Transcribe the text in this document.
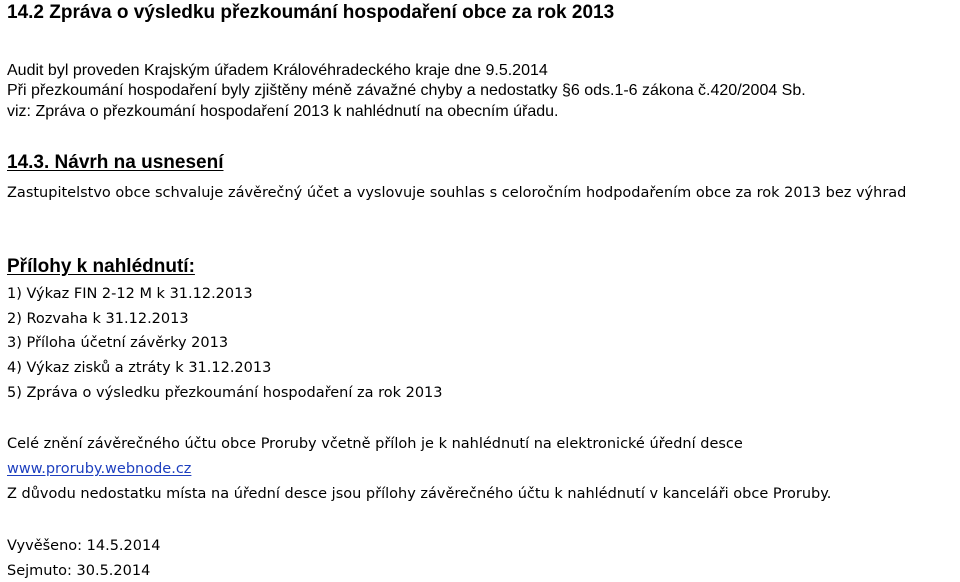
14.2 Zpráva o výsledku přezkoumání hospodaření obce za rok 2013
Audit byl proveden Krajským úřadem Královéhradeckého kraje dne 9.5.2014
Při přezkoumání hospodaření byly zjištěny méně závažné chyby a nedostatky §6 ods.1-6 zákona č.420/2004 Sb.
viz: Zpráva o přezkoumání hospodaření 2013 k nahlédnutí na obecním úřadu.
14.3. Návrh na usnesení
Zastupitelstvo obce schvaluje závěrečný účet a vyslovuje souhlas s celoročním hodpodařením obce za rok 2013 bez výhrad
Přílohy k nahlédnutí:
1) Výkaz FIN 2-12 M k 31.12.2013
2) Rozvaha k 31.12.2013
3) Příloha účetní závěrky 2013
4) Výkaz zisků a ztráty k 31.12.2013
5) Zpráva o výsledku přezkoumání hospodaření za rok 2013
Celé znění závěrečného účtu obce Proruby včetně příloh je k nahlédnutí na elektronické úřední desce
www.proruby.webnode.cz
Z důvodu nedostatku místa na úřední desce jsou přílohy závěrečného účtu k nahlédnutí v kanceláři obce Proruby.
Vyvěšeno: 14.5.2014
Sejmuto: 30.5.2014
